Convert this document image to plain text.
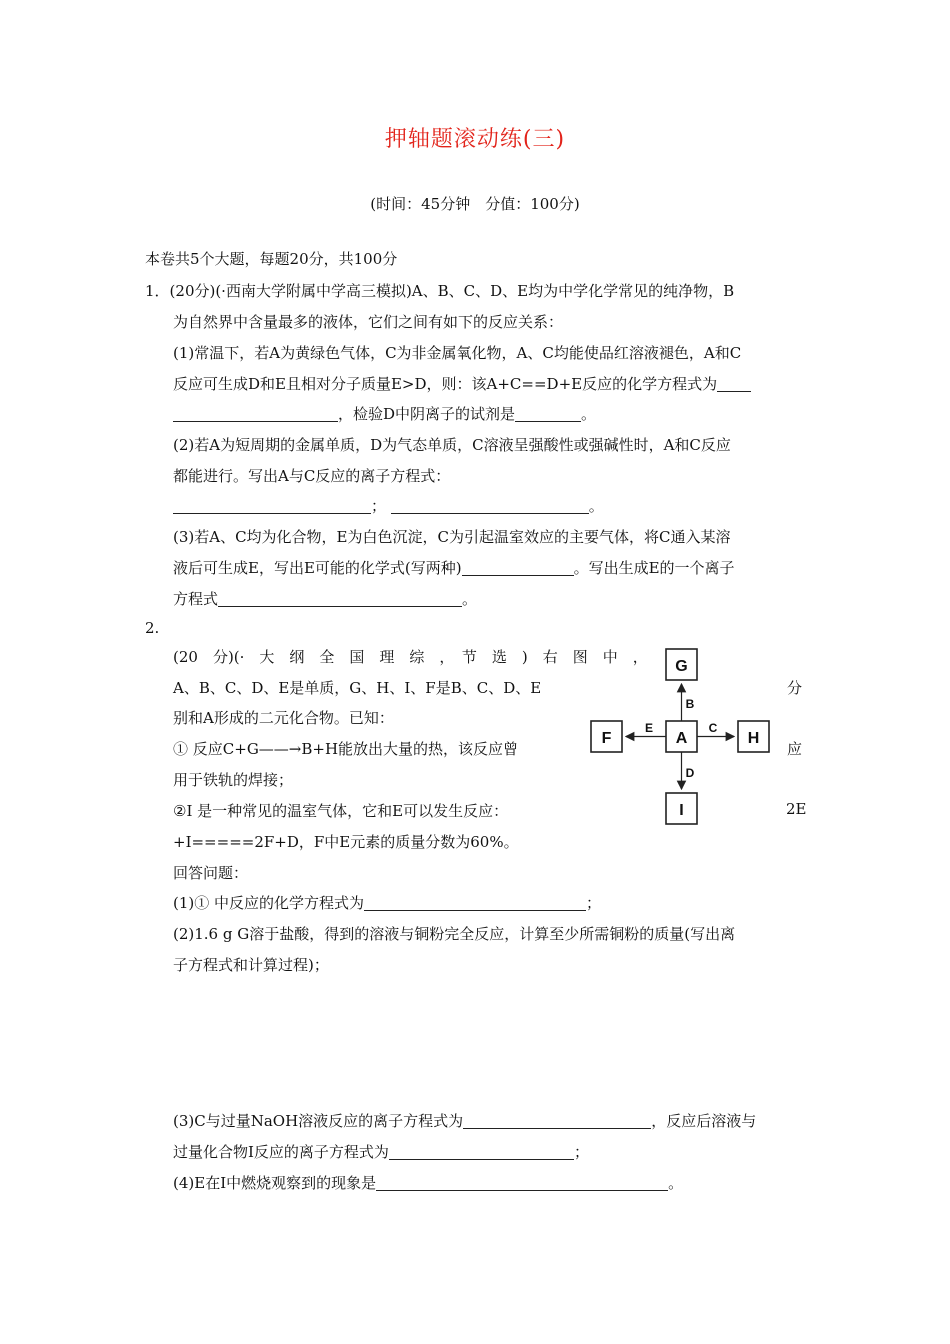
押轴题滚动练(三)
(时间：45分钟　分值：100分)
本卷共5个大题，每题20分，共100分
1．(20分)(·西南大学附属中学高三模拟)A、B、C、D、E均为中学化学常见的纯净物，B
为自然界中含量最多的液体，它们之间有如下的反应关系：
(1)常温下，若A为黄绿色气体，C为非金属氧化物，A、C均能使品红溶液褪色，A和C
反应可生成D和E且相对分子质量E>D，则：该A+C==D+E反应的化学方程式为
，检验D中阴离子的试剂是	。
(2)若A为短周期的金属单质，D为气态单质，C溶液呈强酸性或强碱性时，A和C反应
都能进行。写出A与C反应的离子方程式：
；	。
(3)若A、C均为化合物，E为白色沉淀，C为引起温室效应的主要气体，将C通入某溶
液后可生成E，写出E可能的化学式(写两种)	。写出生成E的一个离子
方程式	。
2.
(20　分)(·　大　纲　全　国　理　综　，　节　选　)　右　图　中　，
A、B、C、D、E是单质，G、H、I、F是B、C、D、E	分
别和A形成的二元化合物。已知：
① 反应C+G——→B+H能放出大量的热，该反应曾	应
用于铁轨的焊接；
②I 是一种常见的温室气体，它和E可以发生反应：	2E
+I=====2F+D，F中E元素的质量分数为60%。
G
F	A	H
I
B
E	C
D
回答问题：
(1)① 中反应的化学方程式为	；
(2)1.6 g G溶于盐酸，得到的溶液与铜粉完全反应，计算至少所需铜粉的质量(写出离
子方程式和计算过程)；
(3)C与过量NaOH溶液反应的离子方程式为	，反应后溶液与
过量化合物I反应的离子方程式为	；
(4)E在I中燃烧观察到的现象是	。
